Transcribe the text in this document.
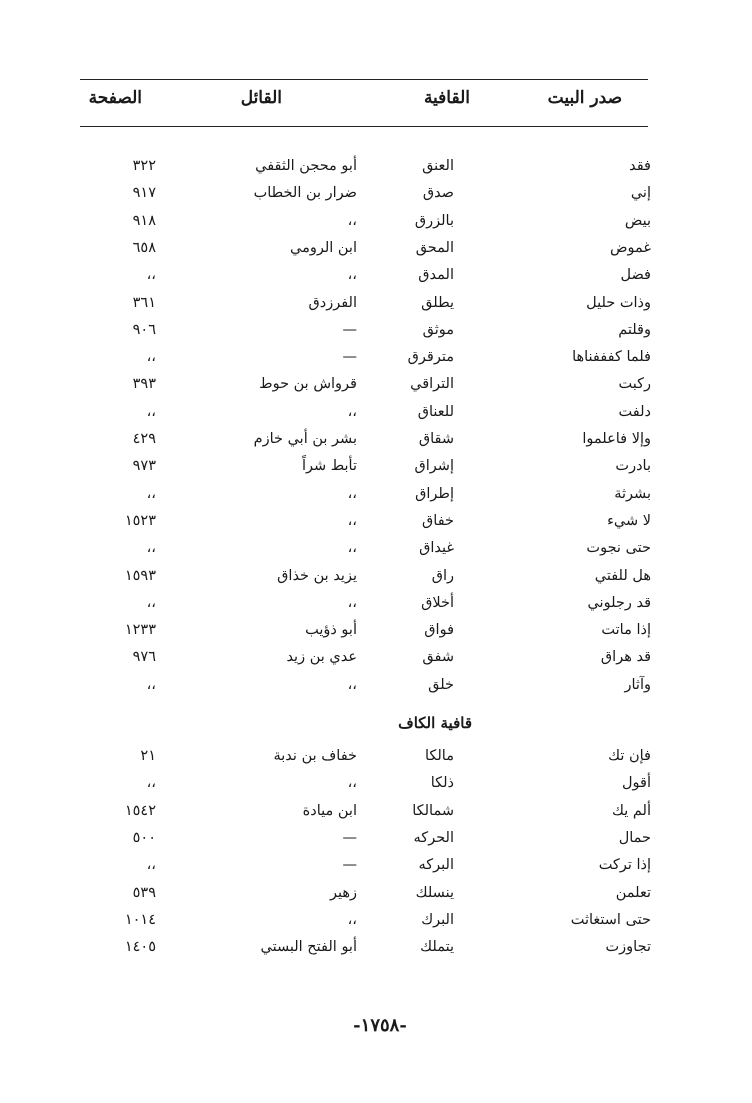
صدر البيت
القافية
القائل
الصفحة
فقد
العنق
أبو محجن الثقفي
٣٢٢
إني
صدق
ضرار بن الخطاب
٩١٧
بيض
بالزرق
،،
٩١٨
غموض
المحق
ابن الرومي
٦٥٨
فضل
المدق
،،
،،
وذات حليل
يطلق
الفرزدق
٣٦١
وقلتم
موثق
—
٩٠٦
فلما كفففناها
مترقرق
—
،،
ركبت
التراقي
قرواش بن حوط
٣٩٣
دلفت
للعناق
،،
،،
وإلا فاعلموا
شقاق
بشر بن أبي خازم
٤٢٩
بادرت
إشراق
تأبط شراً
٩٧٣
بشرثة
إطراق
،،
،،
لا شيء
خفاق
،،
١٥٢٣
حتى نجوت
غيداق
،،
،،
هل للفتي
راق
يزيد بن خذاق
١٥٩٣
قد رجلوني
أخلاق
،،
،،
إذا ماتت
فواق
أبو ذؤيب
١٢٣٣
قد هراق
شفق
عدي بن زيد
٩٧٦
وآثار
خلق
،،
،،
قافية الكاف
فإن تك
مالكا
خفاف بن ندبة
٢١
أقول
ذلكا
،،
،،
ألم يك
شمالكا
ابن ميادة
١٥٤٢
حمال
الحركه
—
٥٠٠
إذا تركت
البركه
—
،،
تعلمن
ينسلك
زهير
٥٣٩
حتى استغاثت
البرك
،،
١٠١٤
تجاوزت
يتملك
أبو الفتح البستي
١٤٠٥
-١٧٥٨-
